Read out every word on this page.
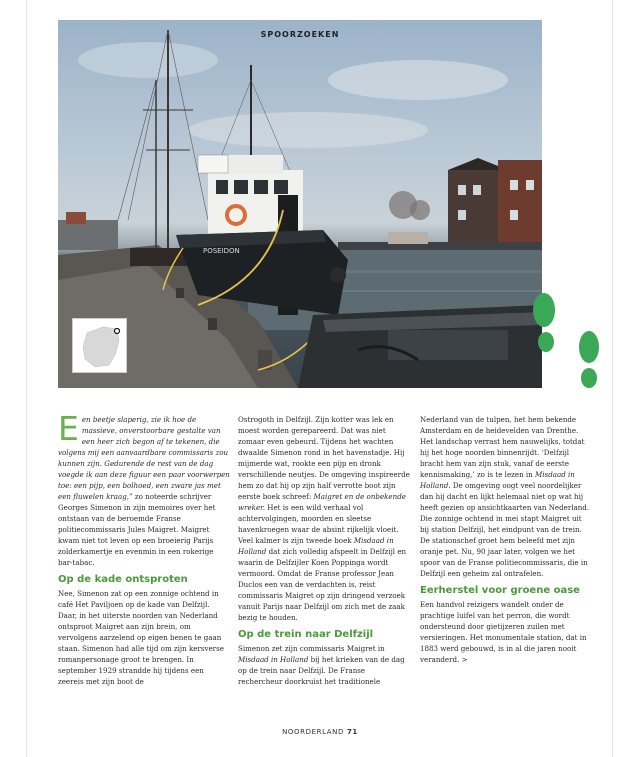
POSEIDON
SPOORZOEKEN

Een beetje slaperig, zie ik hoe de massieve, onverstoorbare gestalte van een heer zich begon af te tekenen, die volgens mij een aanvaardbare commissaris zou kunnen zijn. Gedurende de rest van de dag voegde ik aan deze figuur een paar voorwerpen toe: een pijp, een bolhoed, een zware jas met een fluwelen kraag,” zo noteerde schrijver Georges Simenon in zijn memoires over het ontstaan van de beroemde Franse politiecommissaris Jules Maigret. Maigret kwam niet tot leven op een broeierig Parijs zolderkamertje en evenmin in een rokerige bar-tabac.

Op de kade ontsproten

Nee, Simenon zat op een zonnige ochtend in café Het Paviljoen op de kade van Delfzijl. Daar, in het uiterste noorden van Nederland ontsproot Maigret aan zijn brein, om vervolgens aarzelend op eigen benen te gaan staan. Simenon had alle tijd om zijn kersverse romanpersonage groot te brengen. In september 1929 strandde hij tijdens een zeereis met zijn boot de

Ostrogoth in Delfzijl. Zijn kotter was lek en moest worden gerepareerd. Dat was niet zomaar even gebeurd. Tijdens het wachten dwaalde Simenon rond in het havenstadje. Hij mijmerde wat, rookte een pijp en dronk verschillende neutjes. De omgeving inspireerde hem zo dat hij op zijn half verrotte boot zijn eerste boek schreef: Maigret en de onbekende wreker. Het is een wild verhaal vol achtervolgingen, moorden en sleetse havenkroegen waar de absint rijkelijk vloeit. Veel kalmer is zijn tweede boek Misdaad in Holland dat zich volledig afspeelt in Delfzijl en waarin de Delfzijler Koen Poppinga wordt vermoord. Omdat de Franse professor Jean Duclos een van de verdachten is, reist commissaris Maigret op zijn dringend verzoek vanuit Parijs naar Delfzijl om zich met de zaak bezig te houden.

Op de trein naar Delfzijl

Simenon zet zijn commissaris Maigret in Misdaad in Holland bij het krieken van de dag op de trein naar Delfzijl. De Franse rechercheur doorkruist het traditionele

Nederland van de tulpen, het hem bekende Amsterdam en de heidevelden van Drenthe. Het landschap verrast hem nauwelijks, totdat hij het hoge noorden binnenrijdt. ‘Delfzijl bracht hem van zijn stuk, vanaf de eerste kennismaking,’ zo is te lezen in Misdaad in Holland. De omgeving oogt veel noordelijker dan hij dacht en lijkt helemaal niet op wat hij heeft gezien op ansichtkaarten van Nederland.

Die zonnige ochtend in mei stapt Maigret uit bij station Delfzijl, het eindpunt van de trein. De stationschef groet hem beleefd met zijn oranje pet. Nu, 90 jaar later, volgen we het spoor van de Franse politiecommissaris, die in Delfzijl een geheim zal ontrafelen.

Eerherstel voor groene oase

Een handvol reizigers wandelt onder de prachtige luifel van het perron, die wordt ondersteund door gietijzeren zuilen met versieringen. Het monumentale station, dat in 1883 werd gebouwd, is in al die jaren nooit veranderd. >

NOORDERLAND 71
